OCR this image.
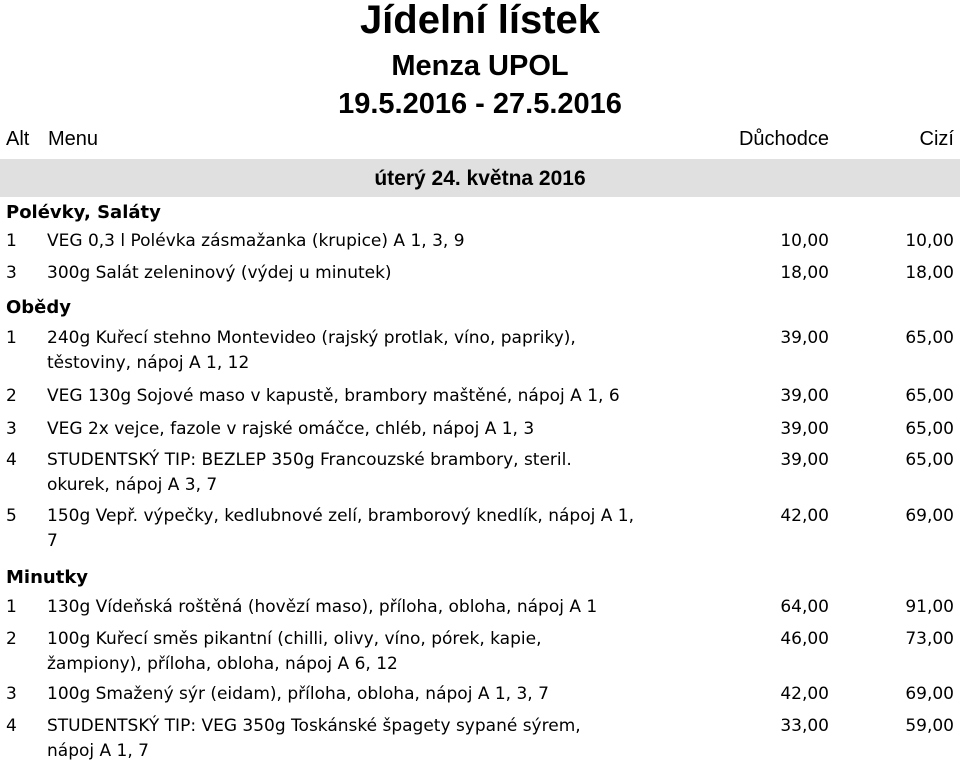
Jídelní lístek
Menza UPOL
19.5.2016 - 27.5.2016
Alt Menu	Důchodce	Cizí
úterý 24. května 2016
Polévky, Saláty
1 VEG 0,3 l Polévka zásmažanka (krupice) A 1, 3, 9	10,00	10,00
3 300g Salát zeleninový (výdej u minutek)	18,00	18,00
Obědy
1 240g Kuřecí stehno Montevideo (rajský protlak, víno, papriky),
těstoviny, nápoj A 1, 12
39,00	65,00
2 VEG 130g Sojové maso v kapustě, brambory maštěné, nápoj A 1, 6	39,00	65,00
3 VEG 2x vejce, fazole v rajské omáčce, chléb, nápoj A 1, 3	39,00	65,00
4 STUDENTSKÝ TIP: BEZLEP 350g Francouzské brambory, steril.
okurek, nápoj A 3, 7
39,00	65,00
5 150g Vepř. výpečky, kedlubnové zelí, bramborový knedlík, nápoj A 1,
7
42,00	69,00
Minutky
1 130g Vídeňská roštěná (hovězí maso), příloha, obloha, nápoj A 1	64,00	91,00
2 100g Kuřecí směs pikantní (chilli, olivy, víno, pórek, kapie,
žampiony), příloha, obloha, nápoj A 6, 12
46,00	73,00
3 100g Smažený sýr (eidam), příloha, obloha, nápoj A 1, 3, 7	42,00	69,00
4 STUDENTSKÝ TIP: VEG 350g Toskánské špagety sypané sýrem,
nápoj A 1, 7
33,00	59,00
